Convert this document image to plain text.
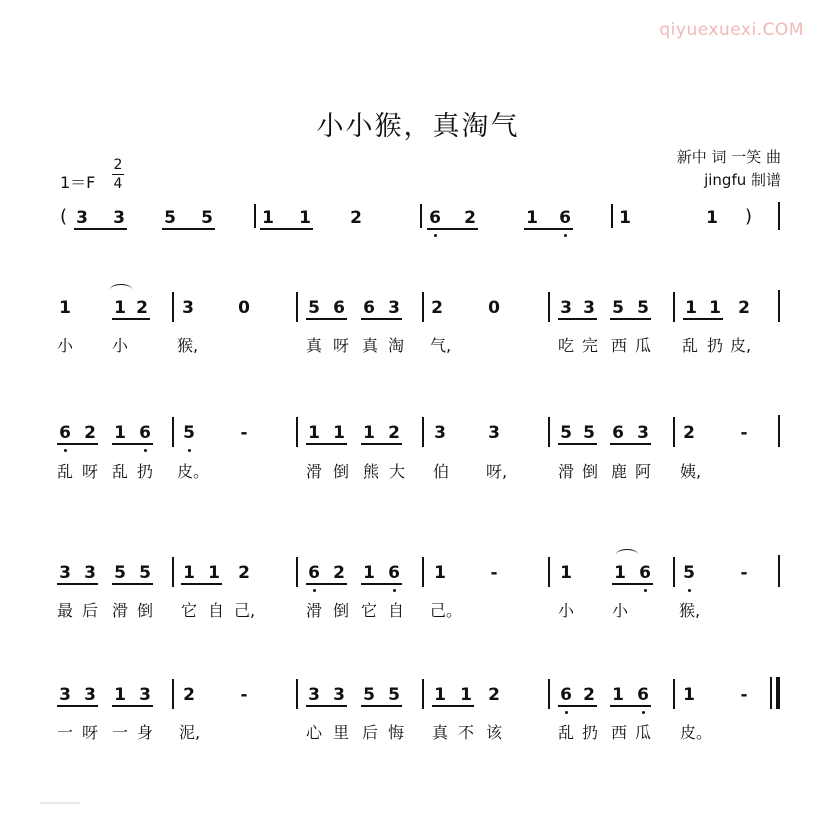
qiyuexuexi.COM
小小猴，真淘气
新中 词 一笑 曲
jingfu 制谱
1＝F
2
4
(	)
3 3 5 5	1 1 2	6 2	1 6	1	1
1	1 2 3	0	5 6 6 3 2	0	3 3 5 5 1 1 2
小 小	猴,	真 呀 真 淘 气,	吃 完 西 瓜 乱 扔 皮,
6 2 1 6 5	-	1 1 1 2 3 3	5 5 6 3 2	-
乱 呀 乱 扔 皮。	滑 倒 熊 大 伯 呀,	滑 倒 鹿 阿 姨,
3 3 5 5 1 1 2	6 2 1 6 1	-	1 1 6 5	-
最 后 滑 倒 它 自 己,	滑 倒 它 自 己。	小 小	猴,
3 3 1 3 2	-	3 3 5 5 1 1 2	6 2 1 6 1	-
一 呀 一 身 泥,	心 里 后 悔 真 不 该	乱 扔 西 瓜 皮。
